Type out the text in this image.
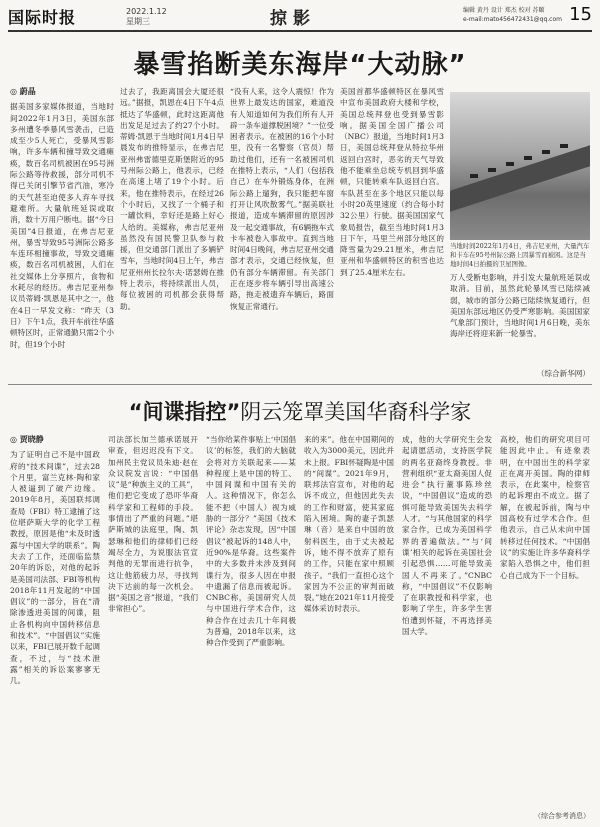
国际时报	2022.1.12
星期三	掠影	编辑 黄丹 设计 郑杰 校对 苏颐
e-mail:mato456472431@qq.com 15
暴雪掐断美东海岸“大动脉”
◎ 蔚晶
据美国多家媒体报道，当地时间2022年1月3日，美国东部多州遭冬季暴风雪袭击，已造成至少5人死亡，受暴风雪影响，许多车辆和撞导致交通瘫痪，数百名司机被困在95号洲际公路等待救援，部分司机不得已关闭引擎节省汽油，寒冷的天气甚至迫使多人弃车寻找避难所。大量航班延误或取消，数十万用户断电。据“今日美国”4日报道，在弗吉尼亚州，暴雪导致95号洲际公路多车连环相撞事故，导致交通瘫痪，数百名司机被困，人们在社交媒体上分享照片，食物和水耗尽的经历。弗吉尼亚州参议员蒂姆·凯恩是其中之一，他在4日一早发文称：“昨天（3日）下午1点，我开车前往华盛顿特区时，正常通勤只需2个小时，但19个小时
过去了，我距离国会大厦还很远。”据报，凯恩在4日下午4点抵达了华盛顿，此时这距离他出发足足过去了约27个小时。蒂姆·凯恩于当地时间1月4日早晨发布的推特显示，在弗吉尼亚州弗雷德里克斯堡附近的95号州际公路上，他表示，已经在高速上堵了19个小时。后来，他在推特表示，在经过26个小时后，又找了一个桶子和一罐饮料，幸好还是路上好心人给的。美媒称，弗吉尼亚州虽然没有国民警卫队参与救援，但交通部门派出了多辆铲雪车，当地时间4日上午，弗吉尼亚州州长拉尔夫·诺瑟姆在推特上表示，将持续派出人员，每位被困的司机都会获得帮助。
“没有人来，这令人震惊！作为世界上最发达的国家，难道没有人知道如何为我们所有人开辟一条车道撑脱困境？”一位受困者表示。在被困的16个小时里，没有一名警察（官员）帮助过他们，还有一名被困司机在推特上表示，“人们（包括我自己）在车外锻炼身体，在洲际公路上遛狗，我只能把车窗打开让风吹散雾气。”据美联社报道，造成车辆滞留的原因涉及一起交通事故，有6辆拖车式卡车被卷入事故中。直到当地时间4日晚间，弗吉尼亚州交通部才表示，交通已经恢复，但仍有部分车辆滞留。有关部门正在逐步将车辆引导出高速公路，拖走被遗弃车辆后，路面恢复正常通行。
美国首都华盛顿特区在暴风雪中宣布美国政府大楼和学校，美国总统拜登也受到暴雪影响。据美国全国广播公司（NBC）报道，当地时间1月3日，美国总统拜登从特拉华州返回白宫时，恶劣的天气导致他不能乘坐总统专机回到华盛顿，只能转乘车队返回白宫。车队甚至在多个地区只能以每小时20英里速度（约合每小时32公里）行驶。据美国国家气象局报告，截至当地时间1月3日下午，马里兰州部分地区的降雪量为29.21厘米，弗吉尼亚州和华盛顿特区的积雪也达到了25.4厘米左右。
当地时间2022年1月4日，弗吉尼亚州，大量汽车和卡车在95号州际公路上因暴雪而被困。这是当地时间4日拍摄的卫星图像。
万人受断电影响，并引发大量航班延误或取消。目前，虽然此轮暴风雪已陆续减弱，城市的部分公路已陆续恢复通行，但美国东部远地区仍受严寒影响。美国国家气象部门预计，当地时间1月6日晚，美东海岸还将迎来新一轮暴雪。
（综合新华网）
“间谍指控”阴云笼罩美国华裔科学家
◎ 贾晓静
为了证明自己不是中国政府的“技术间谍”，过去28个月里，富兰克林·陶和家人被逼到了破产边缘。2019年8月，美国联邦调查局（FBI）特工逮捕了这位堪萨斯大学的化学工程教授，原因是他“未及时透露与中国大学的联系”。陶夫去了工作，还面临监禁20年的诉讼，对他的起诉是美国司法部、FBI等机构2018年11月发起的“中国倡议”的一部分，旨在“清除渗透进美国的间谍，阻止各机构向中国转移信息和技术”。“中国倡议”实施以来，FBI已展开数千起调查，不过，与“技术泄露”相关的诉讼案寥寥无几。
司法部长加兰德承诺展开审查，但迟迟没有下文。加州民主党议员朱迪·赵在众议院发言说：“中国倡议”是“种族主义的工具”，他们把它变成了恐吓华裔科学家和工程师的手段。事情出了严重的问题。”堪萨斯城的法庭里，陶、凯瑟琳和他们的律师们已经竭尽全力，为说服法官宣判他的无罪而进行抗争，这让他筋疲力尽，寻找判决下达前的每一次机会。据“美国之音”报道，“我们非常担心”。
“当你给某件事贴上‘中国倡议’的标签，我们的大脑就会将对方关联起来——某种程度上是中国的特工、中国间谍和中国有关的人。这种情况下，你怎么能不把（中国人）视为威胁的一部分？”美国《技术评论》杂志发现，因“中国倡议”被起诉的148人中，近90%是华裔。这些案件中的大多数并未涉及到间谍行为，很多人因在申报中遗漏了信息而被起诉。CNBC称，美国研究人员与中国进行学术合作，这种合作在过去几十年间极为普遍，2018年以来，这种合作受到了严重影响。
来的来”。他在中国期间的收入为3000美元，因此并未上报。FBI怀疑陶是中国的“间谍”。2021年9月，联邦法官宣布，对他的起诉不成立，但他因此失去的工作和财富，使其家庭陷入困境。陶的妻子凯瑟琳（音）是来自中国的放射科医生，由于丈夫被起诉，她不得不放弃了原有的工作，只能在家中照顾孩子。“我们一直担心这个家因为不公正的审判而破裂。”她在2021年11月接受媒体采访时表示。
成，他的大学研究生会发起请愿活动，支持医学院的两名亚裔终身教授。非营利组织“亚太裔美国人促进会”执行董事陈珍丝说，“中国倡议”造成的恐惧可能导致美国失去科学人才。“与其他国家的科学家合作，已成为美国科学界的普遍做法。”“与‘间谍’相关的起诉在美国社会引起恐惧……可能导致美国人不再来了。”CNBC称，“中国倡议”不仅影响了在职教授和科学家，也影响了学生，许多学生害怕遭到怀疑，不再选择美国大学。
高校，他们的研究项目可能因此中止。有迹象表明，在中国出生的科学家正在离开美国。陶的律师表示，在此案中，检察官的起诉理由不成立。据了解，在被起诉前，陶与中国高校有过学术合作。但他表示，自己从未向中国转移过任何技术。“中国倡议”的实施让许多华裔科学家陷入恐惧之中，他们担心自己成为下一个目标。
（综合参考消息）
